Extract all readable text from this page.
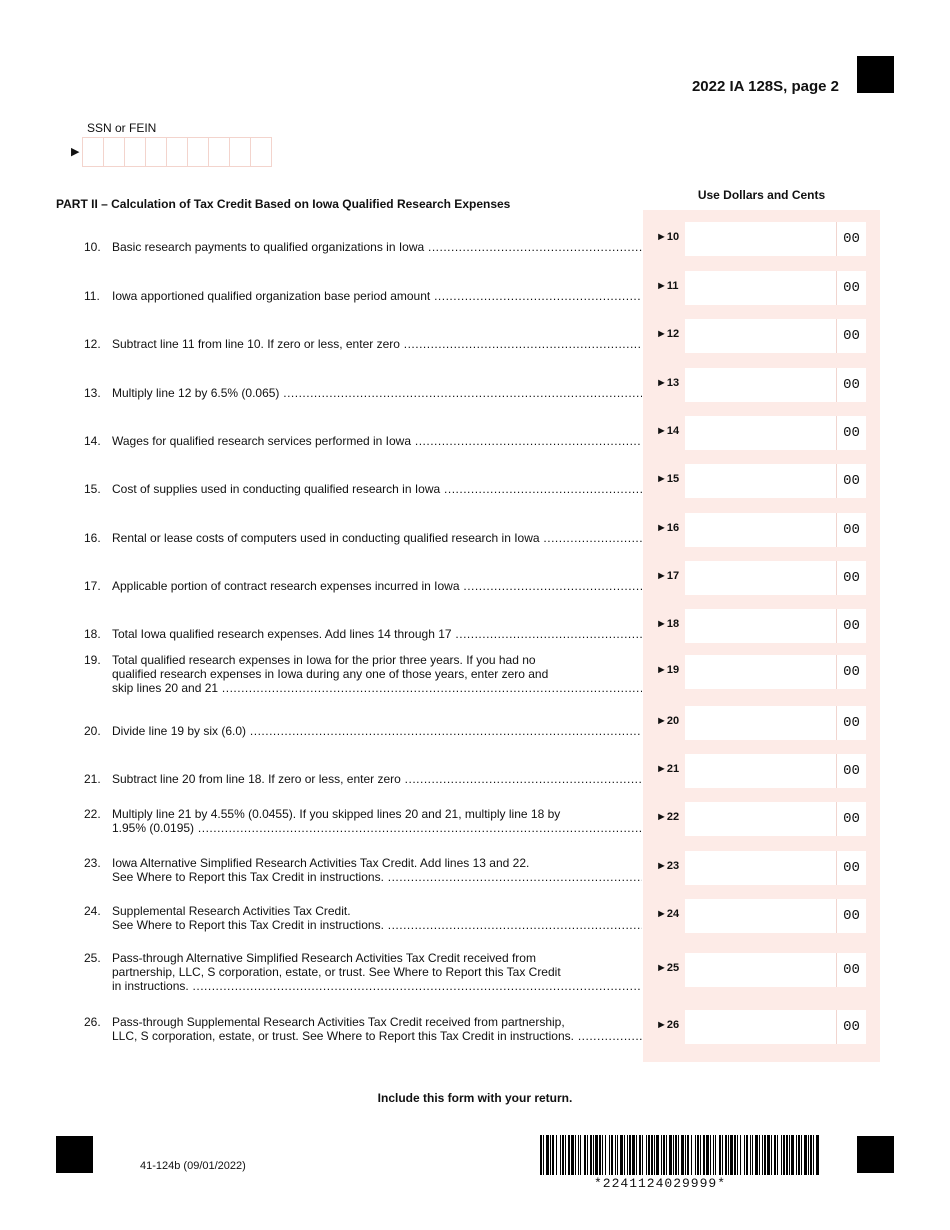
2022 IA 128S, page 2
SSN or FEIN
▶
PART II – Calculation of Tax Credit Based on Iowa Qualified Research Expenses
Use Dollars and Cents
10. Basic research payments to qualified organizations in Iowa .....
►10	00
11. Iowa apportioned qualified organization base period amount .....
►11	00
12. Subtract line 11 from line 10. If zero or less, enter zero .....
►12	00
13. Multiply line 12 by 6.5% (0.065) .....
►13	00
14. Wages for qualified research services performed in Iowa .....
►14	00
15. Cost of supplies used in conducting qualified research in Iowa .....
►15	00
16. Rental or lease costs of computers used in conducting qualified research in Iowa .....
►16	00
17. Applicable portion of contract research expenses incurred in Iowa .....
►17	00
18. Total Iowa qualified research expenses. Add lines 14 through 17 .....
►18	00
19. Total qualified research expenses in Iowa for the prior three years. If you had no
qualified research expenses in Iowa during any one of those years, enter zero and
skip lines 20 and 21 .....
►19	00
20. Divide line 19 by six (6.0) .....
►20	00
21. Subtract line 20 from line 18. If zero or less, enter zero .....
►21	00
22. Multiply line 21 by 4.55% (0.0455). If you skipped lines 20 and 21, multiply line 18 by
1.95% (0.0195) .....
►22	00
23. Iowa Alternative Simplified Research Activities Tax Credit. Add lines 13 and 22.
See Where to Report this Tax Credit in instructions. .....
►23	00
24. Supplemental Research Activities Tax Credit.
See Where to Report this Tax Credit in instructions. .....
►24	00
25. Pass-through Alternative Simplified Research Activities Tax Credit received from
partnership, LLC, S corporation, estate, or trust. See Where to Report this Tax Credit
in instructions. .....
►25	00
26. Pass-through Supplemental Research Activities Tax Credit received from partnership,
LLC, S corporation, estate, or trust. See Where to Report this Tax Credit in instructions. .....
►26	00
Include this form with your return.
41-124b (09/01/2022)
*2241124029999*
